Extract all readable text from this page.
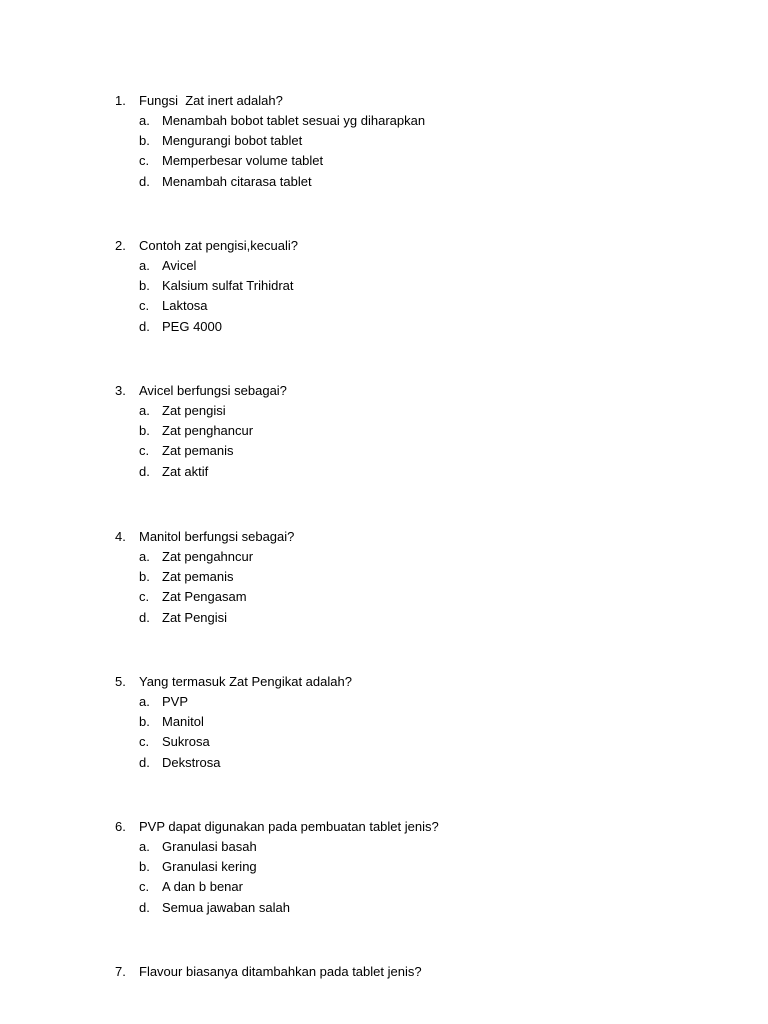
1. Fungsi  Zat inert adalah?
a. Menambah bobot tablet sesuai yg diharapkan
b. Mengurangi bobot tablet
c. Memperbesar volume tablet
d. Menambah citarasa tablet
2. Contoh zat pengisi,kecuali?
a. Avicel
b. Kalsium sulfat Trihidrat
c. Laktosa
d. PEG 4000
3. Avicel berfungsi sebagai?
a. Zat pengisi
b. Zat penghancur
c. Zat pemanis
d. Zat aktif
4. Manitol berfungsi sebagai?
a. Zat pengahncur
b. Zat pemanis
c. Zat Pengasam
d. Zat Pengisi
5. Yang termasuk Zat Pengikat adalah?
a. PVP
b. Manitol
c. Sukrosa
d. Dekstrosa
6. PVP dapat digunakan pada pembuatan tablet jenis?
a. Granulasi basah
b. Granulasi kering
c. A dan b benar
d. Semua jawaban salah
7. Flavour biasanya ditambahkan pada tablet jenis?
